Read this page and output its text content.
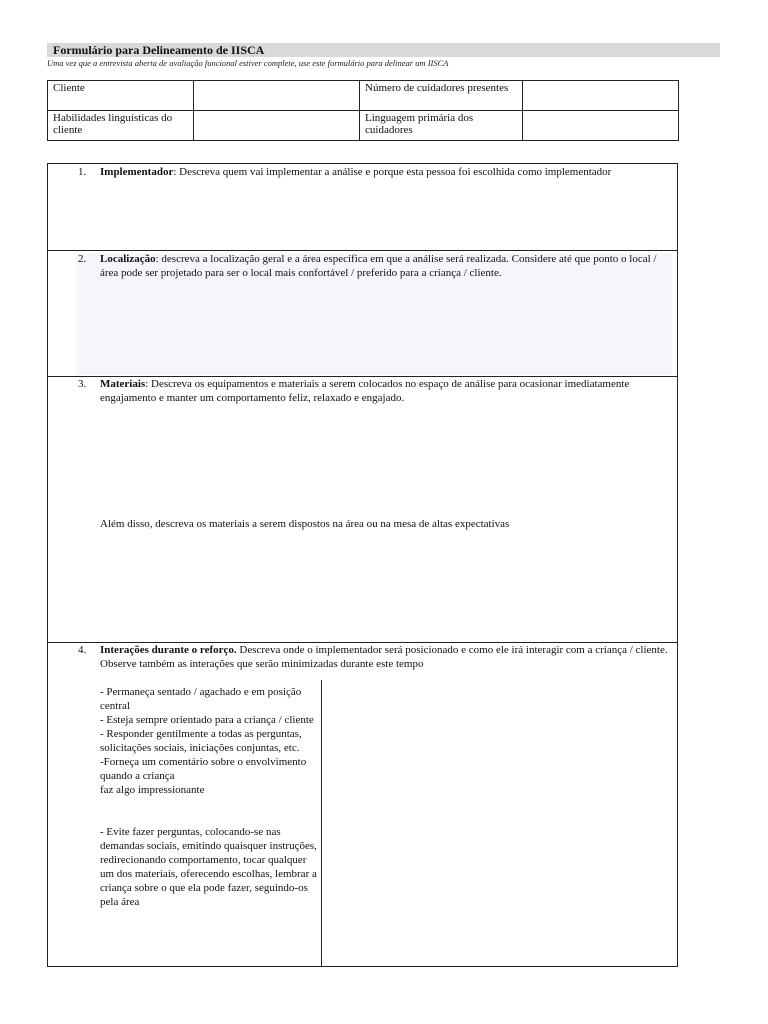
Formulário para Delineamento de IISCA
Uma vez que a entrevista aberta de avaliação funcional estiver complete, use este formulário para delinear um IISCA
Cliente		Número de cuidadores presentes	
Habilidades linguísticas do cliente		Linguagem primária dos cuidadores	
1. Implementador: Descreva quem vai implementar a análise e porque esta pessoa foi escolhida como implementador
2. Localização: descreva a localização geral e a área específica em que a análise será realizada. Considere até que ponto o local / área pode ser projetado para ser o local mais confortável / preferido para a criança / cliente.
3. Materiais: Descreva os equipamentos e materiais a serem colocados no espaço de análise para ocasionar imediatamente engajamento e manter um comportamento feliz, relaxado e engajado.
Além disso, descreva os materiais a serem dispostos na área ou na mesa de altas expectativas
4. Interações durante o reforço. Descreva onde o implementador será posicionado e como ele irá interagir com a criança / cliente. Observe também as interações que serão minimizadas durante este tempo

- Permaneça sentado / agachado e em posição central

- Esteja sempre orientado para a criança / cliente

- Responder gentilmente a todas as perguntas, solicitações sociais, iniciações conjuntas, etc.

-Forneça um comentário sobre o envolvimento quando a criança

faz algo impressionante

- Evite fazer perguntas, colocando-se nas demandas sociais, emitindo quaisquer instruções, redirecionando comportamento, tocar qualquer um dos materiais, oferecendo escolhas, lembrar a criança sobre o que ela pode fazer, seguindo-os pela área
